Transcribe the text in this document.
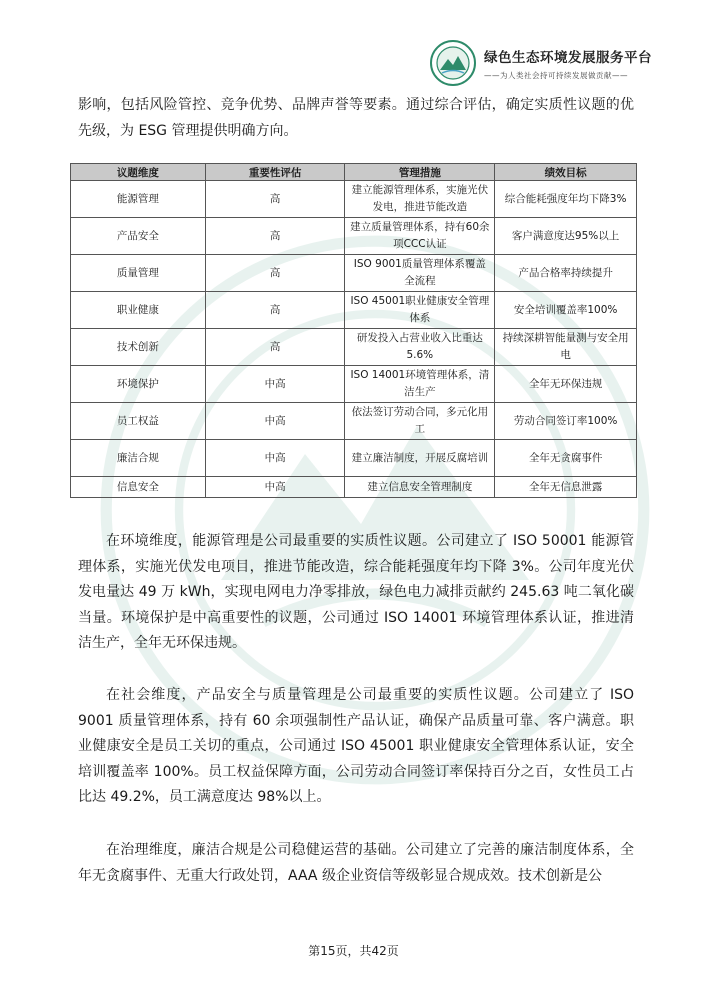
绿色生态环境发展服务平台
——为人类社会持可持续发展做贡献——

影响，包括风险管控、竞争优势、品牌声誉等要素。通过综合评估，确定实质性议题的优先级，为 ESG 管理提供明确方向。

议题维度	重要性评估	管理措施	绩效目标
能源管理	高	建立能源管理体系，实施光伏发电，推进节能改造	综合能耗强度年均下降3%
产品安全	高	建立质量管理体系，持有60余项CCC认证	客户满意度达95%以上
质量管理	高	ISO 9001质量管理体系覆盖全流程	产品合格率持续提升
职业健康	高	ISO 45001职业健康安全管理体系	安全培训覆盖率100%
技术创新	高	研发投入占营业收入比重达5.6%	持续深耕智能量测与安全用电
环境保护	中高	ISO 14001环境管理体系，清洁生产	全年无环保违规
员工权益	中高	依法签订劳动合同，多元化用工	劳动合同签订率100%
廉洁合规	中高	建立廉洁制度，开展反腐培训	全年无贪腐事件
信息安全	中高	建立信息安全管理制度	全年无信息泄露

在环境维度，能源管理是公司最重要的实质性议题。公司建立了 ISO 50001 能源管理体系，实施光伏发电项目，推进节能改造，综合能耗强度年均下降 3%。公司年度光伏发电量达 49 万 kWh，实现电网电力净零排放，绿色电力减排贡献约 245.63 吨二氧化碳当量。环境保护是中高重要性的议题，公司通过 ISO 14001 环境管理体系认证，推进清洁生产，全年无环保违规。

在社会维度，产品安全与质量管理是公司最重要的实质性议题。公司建立了 ISO 9001 质量管理体系，持有 60 余项强制性产品认证，确保产品质量可靠、客户满意。职业健康安全是员工关切的重点，公司通过 ISO 45001 职业健康安全管理体系认证，安全培训覆盖率 100%。员工权益保障方面，公司劳动合同签订率保持百分之百，女性员工占比达 49.2%，员工满意度达 98%以上。

在治理维度，廉洁合规是公司稳健运营的基础。公司建立了完善的廉洁制度体系，全年无贪腐事件、无重大行政处罚，AAA 级企业资信等级彰显合规成效。技术创新是公

第15页，共42页
